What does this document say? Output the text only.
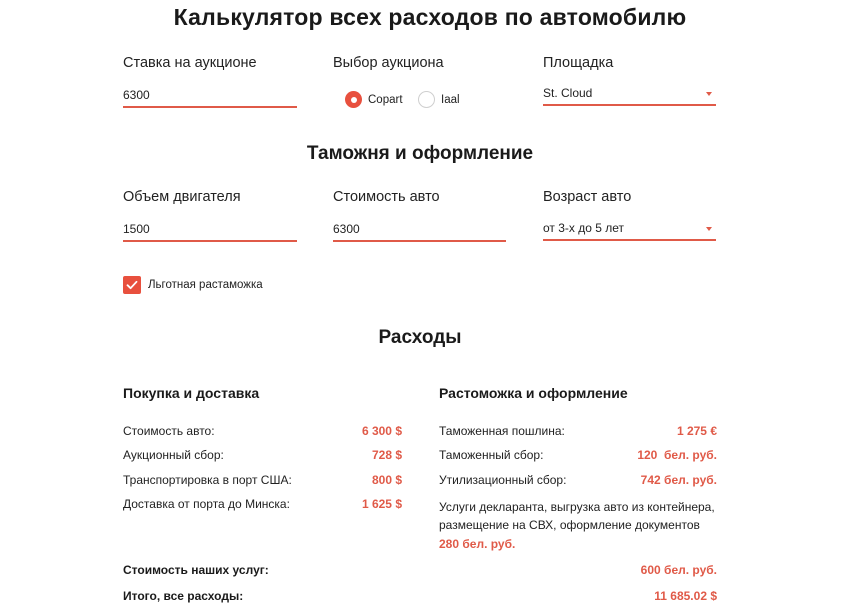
Калькулятор всех расходов по автомобилю
Ставка на аукционе
6300
Выбор аукциона
Copart	Iaal
Площадка
St. Cloud
Таможня и оформление
Объем двигателя
1500
Стоимость авто
6300
Возраст авто
от 3-х до 5 лет
Льготная растаможка
Расходы
Покупка и доставка
Стоимость авто:	6 300 $
Аукционный сбор:	728 $
Транспортировка в порт США:	800 $
Доставка от порта до Минска:	1 625 $
Растоможка и оформление
Таможенная пошлина:	1 275 €
Таможенный сбор:	120  бел. руб.
Утилизационный сбор:	742 бел. руб.
Услуги декларанта, выгрузка авто из контейнера,
размещение на СВХ, оформление документов
280 бел. руб.
Стоимость наших услуг:	600 бел. руб.
Итого, все расходы:	11 685.02 $
